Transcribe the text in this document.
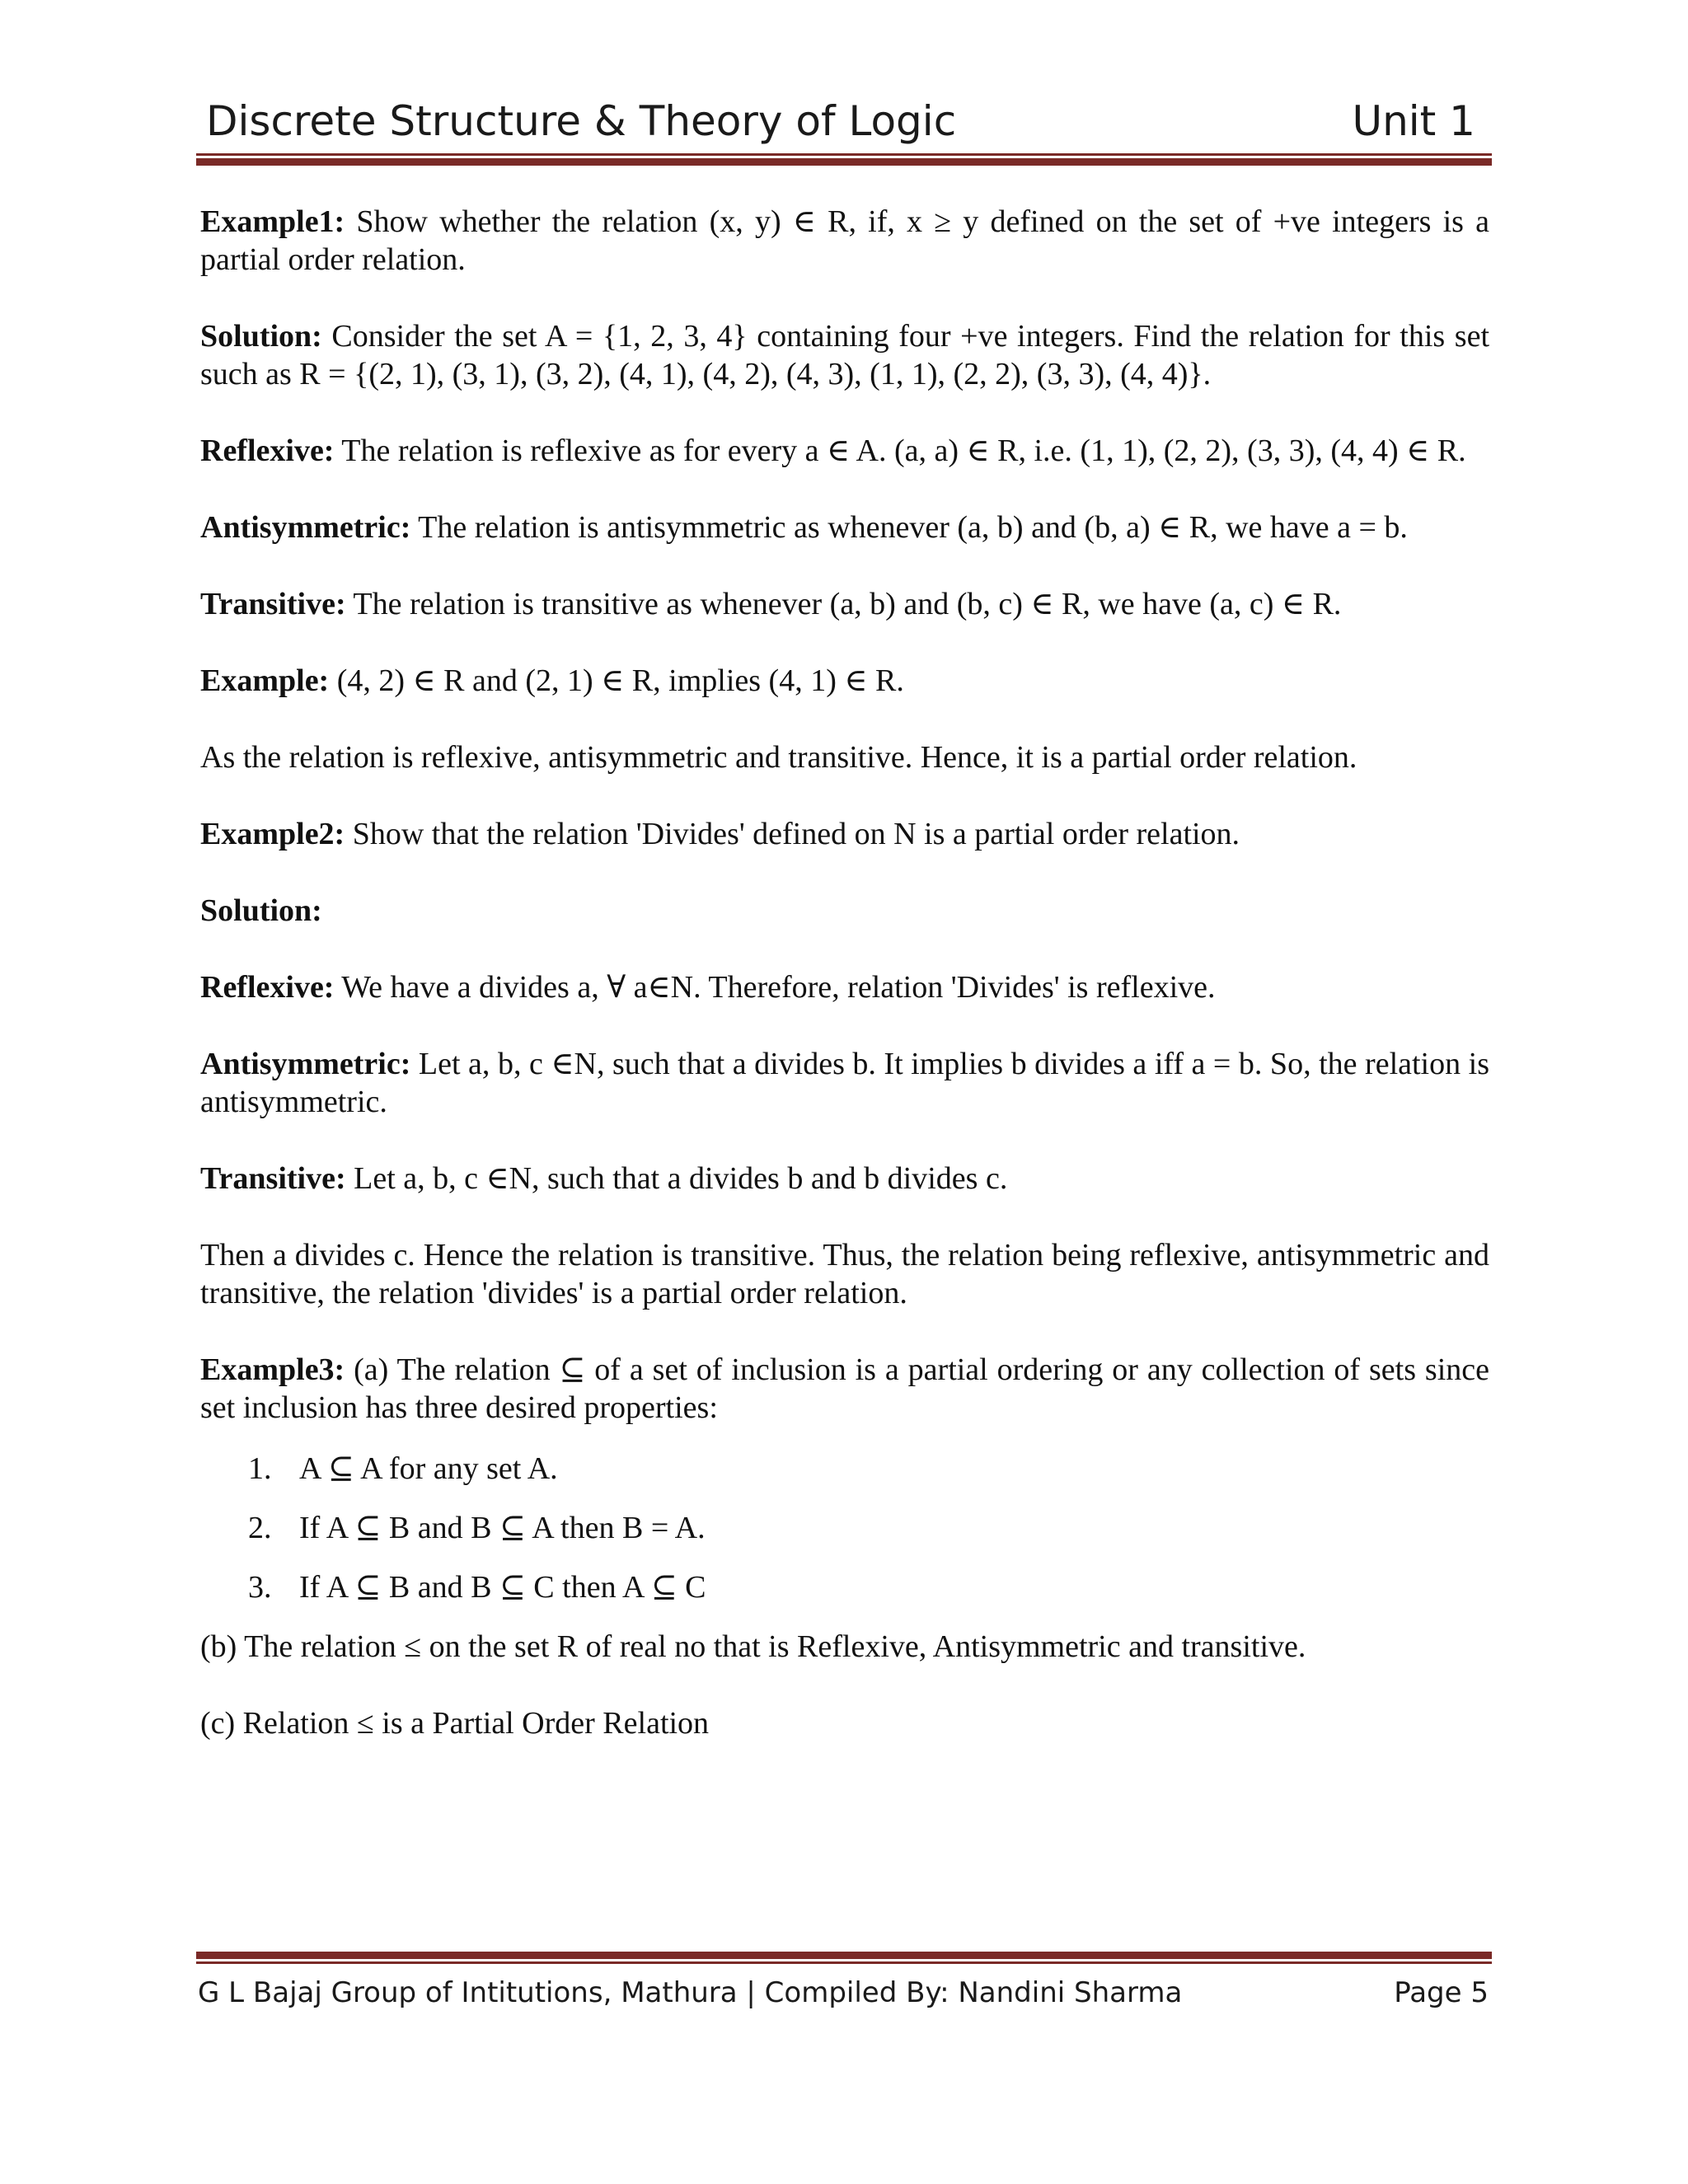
Discrete Structure & Theory of Logic	Unit 1

Example1: Show whether the relation (x, y) ∈ R, if, x ≥ y defined on the set of +ve integers is a partial order relation.

Solution: Consider the set A = {1, 2, 3, 4} containing four +ve integers. Find the relation for this set such as R = {(2, 1), (3, 1), (3, 2), (4, 1), (4, 2), (4, 3), (1, 1), (2, 2), (3, 3), (4, 4)}.

Reflexive: The relation is reflexive as for every a ∈ A. (a, a) ∈ R, i.e. (1, 1), (2, 2), (3, 3), (4, 4) ∈ R.

Antisymmetric: The relation is antisymmetric as whenever (a, b) and (b, a) ∈ R, we have a = b.

Transitive: The relation is transitive as whenever (a, b) and (b, c) ∈ R, we have (a, c) ∈ R.

Example: (4, 2) ∈ R and (2, 1) ∈ R, implies (4, 1) ∈ R.

As the relation is reflexive, antisymmetric and transitive. Hence, it is a partial order relation.

Example2: Show that the relation 'Divides' defined on N is a partial order relation.

Solution:

Reflexive: We have a divides a, ∀ a∈N. Therefore, relation 'Divides' is reflexive.

Antisymmetric: Let a, b, c ∈N, such that a divides b. It implies b divides a iff a = b. So, the relation is antisymmetric.

Transitive: Let a, b, c ∈N, such that a divides b and b divides c.

Then a divides c. Hence the relation is transitive. Thus, the relation being reflexive, antisymmetric and transitive, the relation 'divides' is a partial order relation.

Example3: (a) The relation ⊆ of a set of inclusion is a partial ordering or any collection of sets since set inclusion has three desired properties:

1. A ⊆ A for any set A.
2. If A ⊆ B and B ⊆ A then B = A.
3. If A ⊆ B and B ⊆ C then A ⊆ C

(b) The relation ≤ on the set R of real no that is Reflexive, Antisymmetric and transitive.

(c) Relation ≤ is a Partial Order Relation

G L Bajaj Group of Intitutions, Mathura | Compiled By: Nandini Sharma	Page 5
